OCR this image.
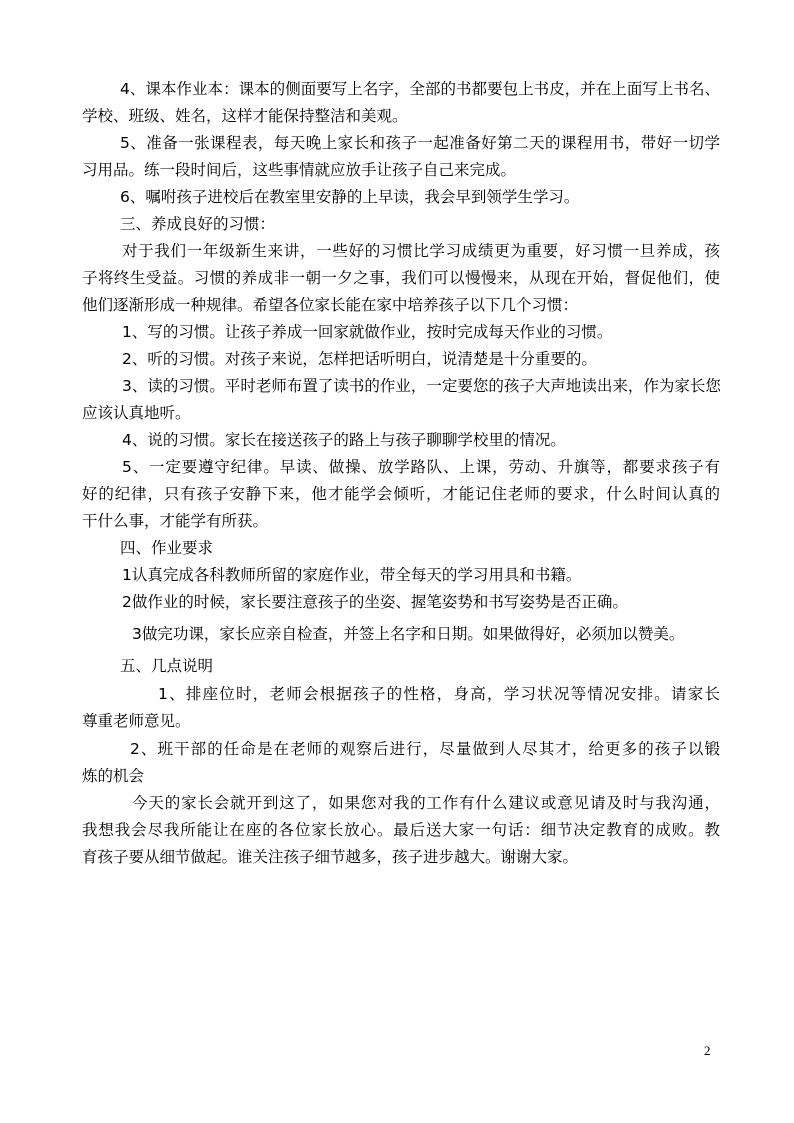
4、课本作业本：课本的侧面要写上名字，全部的书都要包上书皮，并在上面写上书名、

学校、班级、姓名，这样才能保持整洁和美观。

5、准备一张课程表，每天晚上家长和孩子一起准备好第二天的课程用书，带好一切学

习用品。练一段时间后，这些事情就应放手让孩子自己来完成。

6、嘱咐孩子进校后在教室里安静的上早读，我会早到领学生学习。

三、养成良好的习惯：

对于我们一年级新生来讲，一些好的习惯比学习成绩更为重要，好习惯一旦养成，孩

子将终生受益。习惯的养成非一朝一夕之事，我们可以慢慢来，从现在开始，督促他们，使

他们逐渐形成一种规律。希望各位家长能在家中培养孩子以下几个习惯：

1、写的习惯。让孩子养成一回家就做作业，按时完成每天作业的习惯。

2、听的习惯。对孩子来说，怎样把话听明白，说清楚是十分重要的。

3、读的习惯。平时老师布置了读书的作业，一定要您的孩子大声地读出来，作为家长您

应该认真地听。

4、说的习惯。家长在接送孩子的路上与孩子聊聊学校里的情况。

5、一定要遵守纪律。早读、做操、放学路队、上课，劳动、升旗等，都要求孩子有

好的纪律，只有孩子安静下来，他才能学会倾听，才能记住老师的要求，什么时间认真的

干什么事，才能学有所获。

四、作业要求

1认真完成各科教师所留的家庭作业，带全每天的学习用具和书籍。

2做作业的时候，家长要注意孩子的坐姿、握笔姿势和书写姿势是否正确。

3做完功课，家长应亲自检查，并签上名字和日期。如果做得好，必须加以赞美。

五、几点说明

1、排座位时，老师会根据孩子的性格，身高，学习状况等情况安排。请家长

尊重老师意见。

2、班干部的任命是在老师的观察后进行，尽量做到人尽其才，给更多的孩子以锻

炼的机会

今天的家长会就开到这了，如果您对我的工作有什么建议或意见请及时与我沟通，

我想我会尽我所能让在座的各位家长放心。最后送大家一句话：细节决定教育的成败。教

育孩子要从细节做起。谁关注孩子细节越多，孩子进步越大。谢谢大家。

2
